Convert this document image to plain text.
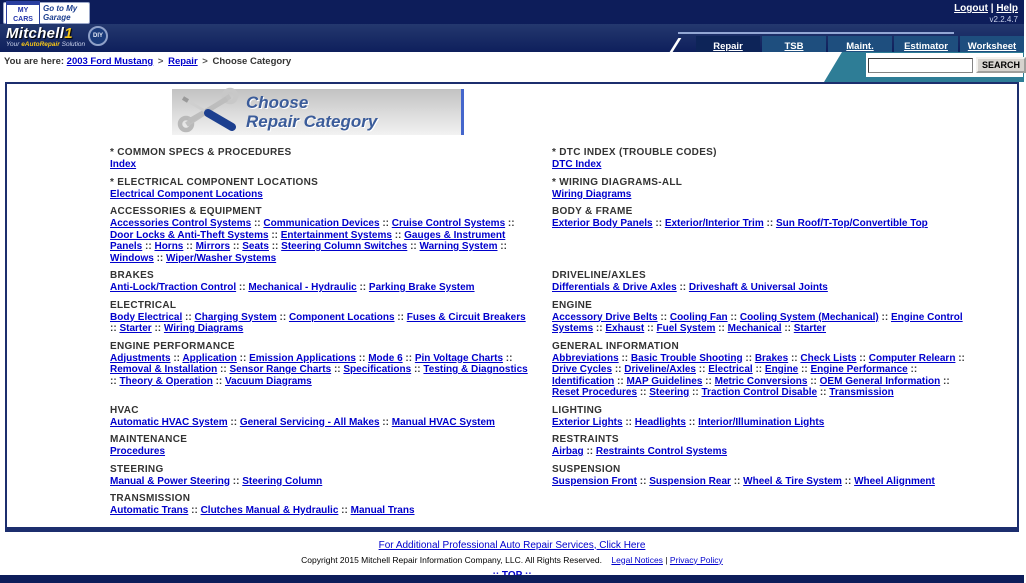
MY CARS
Go to My Garage
Logout | Help
v2.2.4.7
Mitchell1
Your eAutoRepair Solution
DIY
Repair	TSB	Maint.	Estimator	Worksheet
You are here: 2003 Ford Mustang > Repair > Choose Category	SEARCH
Choose
Repair Category
* COMMON SPECS & PROCEDURES
Index
* DTC INDEX (TROUBLE CODES)
DTC Index
* ELECTRICAL COMPONENT LOCATIONS
Electrical Component Locations
* WIRING DIAGRAMS-ALL
Wiring Diagrams
ACCESSORIES & EQUIPMENT
Accessories Control Systems :: Communication Devices :: Cruise Control Systems :: Door Locks & Anti-Theft Systems :: Entertainment Systems :: Gauges & Instrument Panels :: Horns :: Mirrors :: Seats :: Steering Column Switches :: Warning System :: Windows :: Wiper/Washer Systems
BODY & FRAME
Exterior Body Panels :: Exterior/Interior Trim :: Sun Roof/T-Top/Convertible Top
BRAKES
Anti-Lock/Traction Control :: Mechanical - Hydraulic :: Parking Brake System
DRIVELINE/AXLES
Differentials & Drive Axles :: Driveshaft & Universal Joints
ELECTRICAL
Body Electrical :: Charging System :: Component Locations :: Fuses & Circuit Breakers :: Starter :: Wiring Diagrams
ENGINE
Accessory Drive Belts :: Cooling Fan :: Cooling System (Mechanical) :: Engine Control Systems :: Exhaust :: Fuel System :: Mechanical :: Starter
ENGINE PERFORMANCE
Adjustments :: Application :: Emission Applications :: Mode 6 :: Pin Voltage Charts :: Removal & Installation :: Sensor Range Charts :: Specifications :: Testing & Diagnostics :: Theory & Operation :: Vacuum Diagrams
GENERAL INFORMATION
Abbreviations :: Basic Trouble Shooting :: Brakes :: Check Lists :: Computer Relearn :: Drive Cycles :: Driveline/Axles :: Electrical :: Engine :: Engine Performance :: Identification :: MAP Guidelines :: Metric Conversions :: OEM General Information :: Reset Procedures :: Steering :: Traction Control Disable :: Transmission
HVAC
Automatic HVAC System :: General Servicing - All Makes :: Manual HVAC System
LIGHTING
Exterior Lights :: Headlights :: Interior/Illumination Lights
MAINTENANCE
Procedures
RESTRAINTS
Airbag :: Restraints Control Systems
STEERING
Manual & Power Steering :: Steering Column
SUSPENSION
Suspension Front :: Suspension Rear :: Wheel & Tire System :: Wheel Alignment
TRANSMISSION
Automatic Trans :: Clutches Manual & Hydraulic :: Manual Trans
For Additional Professional Auto Repair Services, Click Here
Copyright 2015 Mitchell Repair Information Company, LLC. All Rights Reserved. Legal Notices | Privacy Policy
